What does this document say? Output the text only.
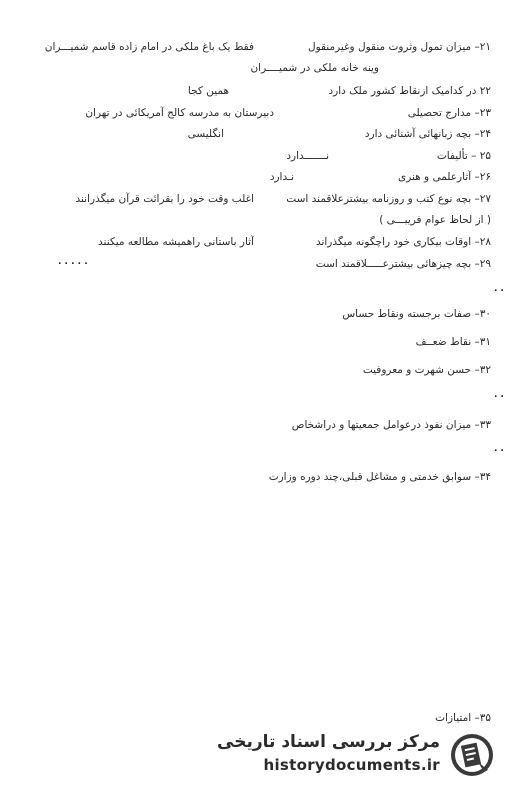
۲۱– میزان تمول وثروت منقول وغیرمنقول
فقط یک باغ ملکی در امام زاده قاسم شمیـــران
وینه خانه ملکی در شمیــــران
۲۲ در کدامیک ازنقاط کشور ملک دارد
همین کجا
۲۳– مدارج تحصیلی
دبیرستان به مدرسه کالج آمریکائی در تهران
۲۴– بچه زبانهائی آشنائی دارد
انگلیسی
۲۵ – تألیفات
نـــــــدارد
۲۶– آثارعلمی و هنری
نـدارد
۲۷– بچه نوع کتب و روزنامه بیشترعلاقمند است
اغلب وقت خود را بقرائت قرآن میگذرانند
( از لحاظ عوام فریبـــی )
۲۸– اوقات بیکاری خود راچگونه میگذراند
آثار باستانی راهمیشه مطالعه میکنند
۲۹– بچه چیزهائی بیشترعـــــلاقمند است
. . . . .
. .
۳۰– صفات برجسته ونقاط حساس
۳۱– نقاط ضعــف
۳۲– حسن شهرت و معروفیت
. .
۳۳– میزان نفوذ درعوامل جمعیتها و دراشخاص
. .
۳۴– سوابق خدمتی و مشاغل قبلی،چند دوره وزارت
۳۵– امتیازات
مرکز بررسی اسناد تاریخی
historydocuments.ir
